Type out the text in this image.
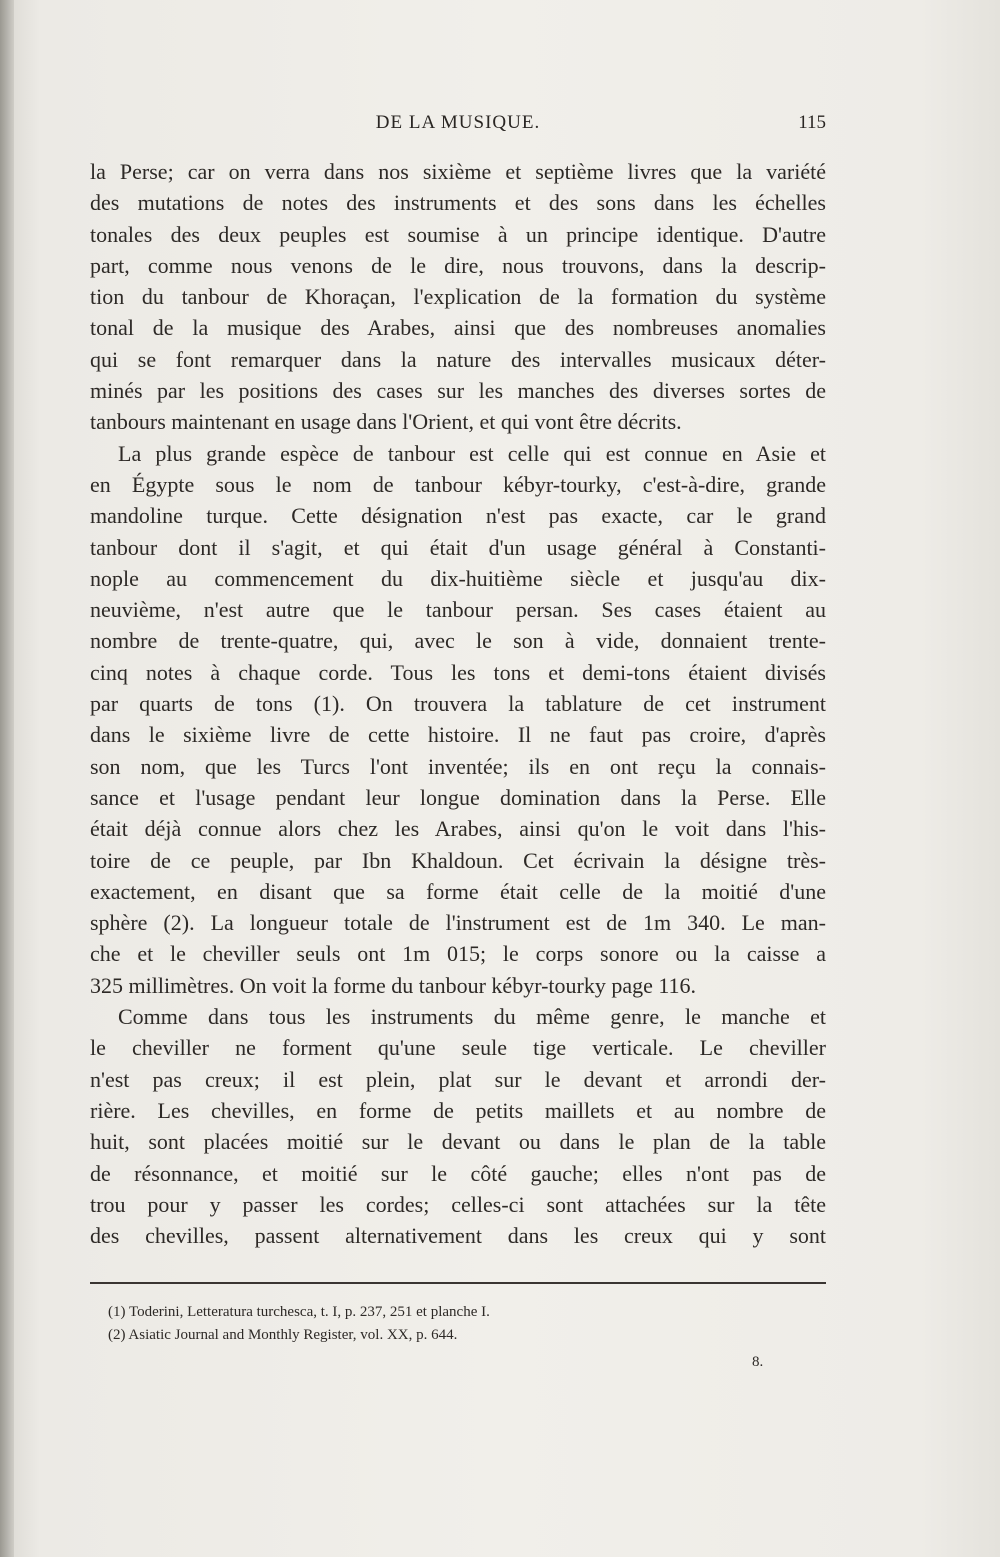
DE LA MUSIQUE.	115
la Perse; car on verra dans nos sixième et septième livres que la variété
des mutations de notes des instruments et des sons dans les échelles
tonales des deux peuples est soumise à un principe identique. D'autre
part, comme nous venons de le dire, nous trouvons, dans la descrip-
tion du tanbour de Khoraçan, l'explication de la formation du système
tonal de la musique des Arabes, ainsi que des nombreuses anomalies
qui se font remarquer dans la nature des intervalles musicaux déter-
minés par les positions des cases sur les manches des diverses sortes de
tanbours maintenant en usage dans l'Orient, et qui vont être décrits.
La plus grande espèce de tanbour est celle qui est connue en Asie et
en Égypte sous le nom de tanbour kébyr-tourky, c'est-à-dire, grande
mandoline turque. Cette désignation n'est pas exacte, car le grand
tanbour dont il s'agit, et qui était d'un usage général à Constanti-
nople au commencement du dix-huitième siècle et jusqu'au dix-
neuvième, n'est autre que le tanbour persan. Ses cases étaient au
nombre de trente-quatre, qui, avec le son à vide, donnaient trente-
cinq notes à chaque corde. Tous les tons et demi-tons étaient divisés
par quarts de tons (1). On trouvera la tablature de cet instrument
dans le sixième livre de cette histoire. Il ne faut pas croire, d'après
son nom, que les Turcs l'ont inventée; ils en ont reçu la connais-
sance et l'usage pendant leur longue domination dans la Perse. Elle
était déjà connue alors chez les Arabes, ainsi qu'on le voit dans l'his-
toire de ce peuple, par Ibn Khaldoun. Cet écrivain la désigne très-
exactement, en disant que sa forme était celle de la moitié d'une
sphère (2). La longueur totale de l'instrument est de 1m 340. Le man-
che et le cheviller seuls ont 1m 015; le corps sonore ou la caisse a
325 millimètres. On voit la forme du tanbour kébyr-tourky page 116.
Comme dans tous les instruments du même genre, le manche et
le cheviller ne forment qu'une seule tige verticale. Le cheviller
n'est pas creux; il est plein, plat sur le devant et arrondi der-
rière. Les chevilles, en forme de petits maillets et au nombre de
huit, sont placées moitié sur le devant ou dans le plan de la table
de résonnance, et moitié sur le côté gauche; elles n'ont pas de
trou pour y passer les cordes; celles-ci sont attachées sur la tête
des chevilles, passent alternativement dans les creux qui y sont
(1) Toderini, Letteratura turchesca, t. I, p. 237, 251 et planche I.
(2) Asiatic Journal and Monthly Register, vol. XX, p. 644.
8.
